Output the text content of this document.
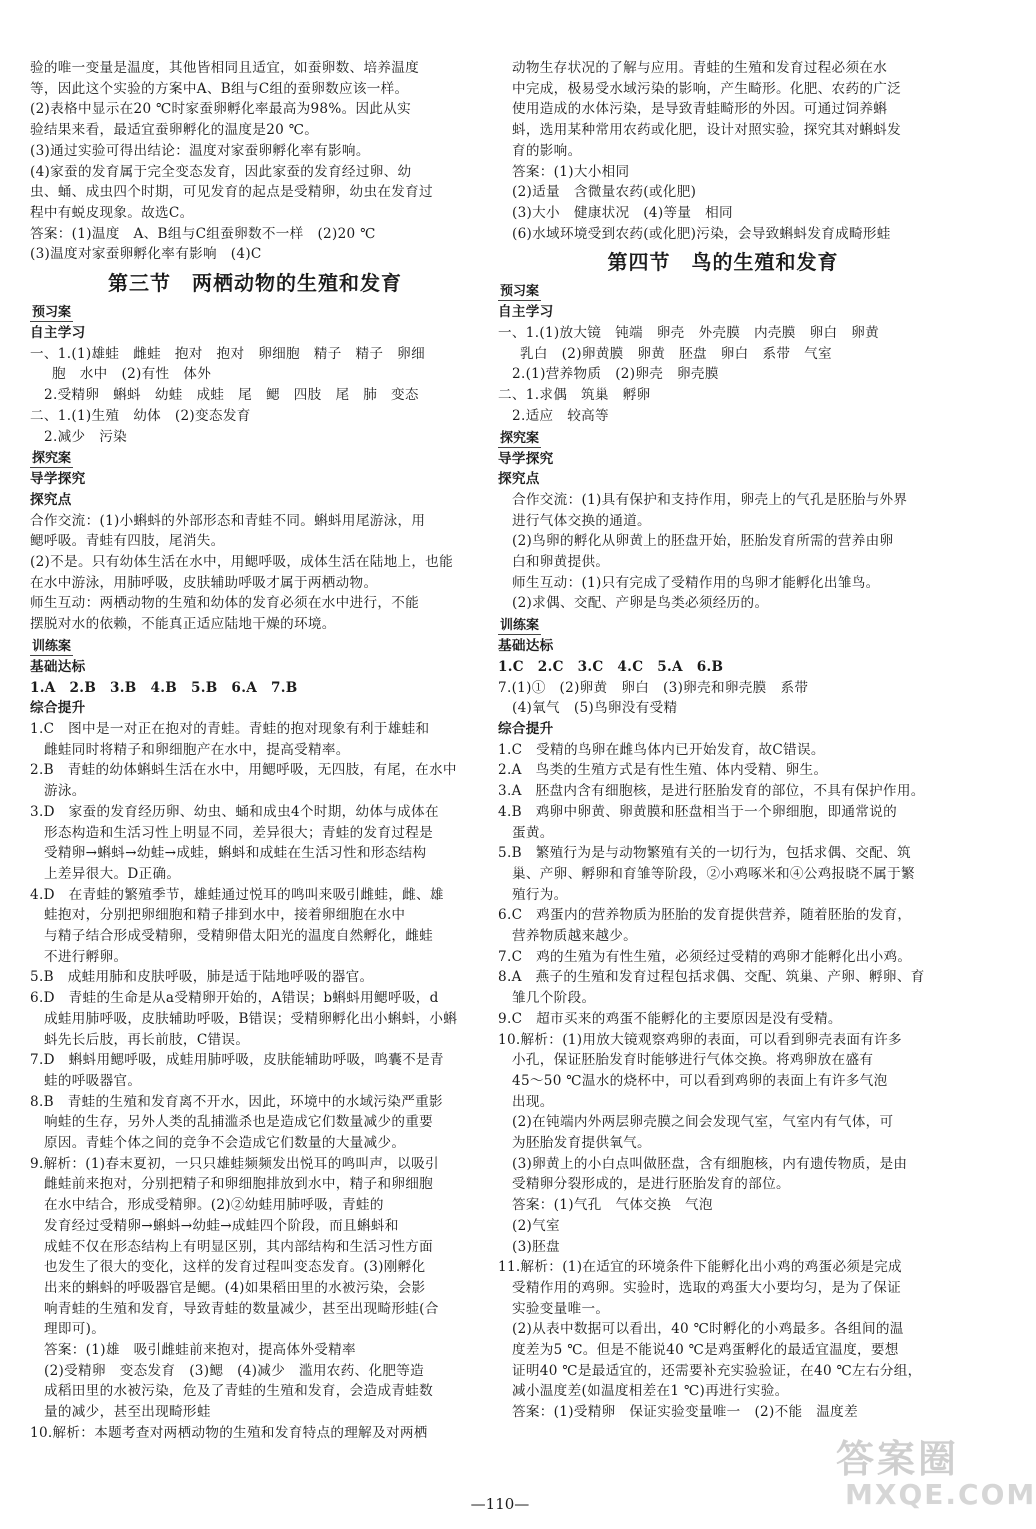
验的唯一变量是温度，其他皆相同且适宜，如蚕卵数、培养温度
等，因此这个实验的方案中A、B组与C组的蚕卵数应该一样。
(2)表格中显示在20 ℃时家蚕卵孵化率最高为98%。因此从实
验结果来看，最适宜蚕卵孵化的温度是20 ℃。
(3)通过实验可得出结论：温度对家蚕卵孵化率有影响。
(4)家蚕的发育属于完全变态发育，因此家蚕的发育经过卵、幼
虫、蛹、成虫四个时期，可见发育的起点是受精卵，幼虫在发育过
程中有蜕皮现象。故选C。
答案：(1)温度　A、B组与C组蚕卵数不一样　(2)20 ℃
(3)温度对家蚕卵孵化率有影响　(4)C
第三节　两栖动物的生殖和发育
预习案
自主学习
一、1.(1)雄蛙　雌蛙　抱对　抱对　卵细胞　精子　精子　卵细
胞　水中　(2)有性　体外
2.受精卵　蝌蚪　幼蛙　成蛙　尾　鳃　四肢　尾　肺　变态
二、1.(1)生殖　幼体　(2)变态发育
2.减少　污染
探究案
导学探究
探究点
合作交流：(1)小蝌蚪的外部形态和青蛙不同。蝌蚪用尾游泳，用
鳃呼吸。青蛙有四肢，尾消失。
(2)不是。只有幼体生活在水中，用鳃呼吸，成体生活在陆地上，也能
在水中游泳，用肺呼吸，皮肤辅助呼吸才属于两栖动物。
师生互动：两栖动物的生殖和幼体的发育必须在水中进行，不能
摆脱对水的依赖，不能真正适应陆地干燥的环境。
训练案
基础达标
1.A　2.B　3.B　4.B　5.B　6.A　7.B
综合提升
1.C　图中是一对正在抱对的青蛙。青蛙的抱对现象有利于雄蛙和
雌蛙同时将精子和卵细胞产在水中，提高受精率。
2.B　青蛙的幼体蝌蚪生活在水中，用鳃呼吸，无四肢，有尾，在水中
游泳。
3.D　家蚕的发育经历卵、幼虫、蛹和成虫4个时期，幼体与成体在
形态构造和生活习性上明显不同，差异很大；青蛙的发育过程是
受精卵→蝌蚪→幼蛙→成蛙，蝌蚪和成蛙在生活习性和形态结构
上差异很大。D正确。
4.D　在青蛙的繁殖季节，雄蛙通过悦耳的鸣叫来吸引雌蛙，雌、雄
蛙抱对，分别把卵细胞和精子排到水中，接着卵细胞在水中
与精子结合形成受精卵，受精卵借太阳光的温度自然孵化，雌蛙
不进行孵卵。
5.B　成蛙用肺和皮肤呼吸，肺是适于陆地呼吸的器官。
6.D　青蛙的生命是从a受精卵开始的，A错误；b蝌蚪用鳃呼吸，d
成蛙用肺呼吸，皮肤辅助呼吸，B错误；受精卵孵化出小蝌蚪，小蝌
蚪先长后肢，再长前肢，C错误。
7.D　蝌蚪用鳃呼吸，成蛙用肺呼吸，皮肤能辅助呼吸，鸣囊不是青
蛙的呼吸器官。
8.B　青蛙的生殖和发育离不开水，因此，环境中的水域污染严重影
响蛙的生存，另外人类的乱捕滥杀也是造成它们数量减少的重要
原因。青蛙个体之间的竞争不会造成它们数量的大量减少。
9.解析：(1)春末夏初，一只只雄蛙频频发出悦耳的鸣叫声，以吸引
雌蛙前来抱对，分别把精子和卵细胞排放到水中，精子和卵细胞
在水中结合，形成受精卵。(2)②幼蛙用肺呼吸，青蛙的
发育经过受精卵→蝌蚪→幼蛙→成蛙四个阶段，而且蝌蚪和
成蛙不仅在形态结构上有明显区别，其内部结构和生活习性方面
也发生了很大的变化，这样的发育过程叫变态发育。(3)刚孵化
出来的蝌蚪的呼吸器官是鳃。(4)如果稻田里的水被污染，会影
响青蛙的生殖和发育，导致青蛙的数量减少，甚至出现畸形蛙(合
理即可)。
答案：(1)雄　吸引雌蛙前来抱对，提高体外受精率
(2)受精卵　变态发育　(3)鳃　(4)减少　滥用农药、化肥等造
成稻田里的水被污染，危及了青蛙的生殖和发育，会造成青蛙数
量的减少，甚至出现畸形蛙
10.解析：本题考查对两栖动物的生殖和发育特点的理解及对两栖
动物生存状况的了解与应用。青蛙的生殖和发育过程必须在水
中完成，极易受水域污染的影响，产生畸形。化肥、农药的广泛
使用造成的水体污染，是导致青蛙畸形的外因。可通过饲养蝌
蚪，选用某种常用农药或化肥，设计对照实验，探究其对蝌蚪发
育的影响。
答案：(1)大小相同
(2)适量　含微量农药(或化肥)
(3)大小　健康状况　(4)等量　相同
(6)水域环境受到农药(或化肥)污染，会导致蝌蚪发育成畸形蛙
第四节　鸟的生殖和发育
预习案
自主学习
一、1.(1)放大镜　钝端　卵壳　外壳膜　内壳膜　卵白　卵黄
乳白　(2)卵黄膜　卵黄　胚盘　卵白　系带　气室
2.(1)营养物质　(2)卵壳　卵壳膜
二、1.求偶　筑巢　孵卵
2.适应　较高等
探究案
导学探究
探究点
合作交流：(1)具有保护和支持作用，卵壳上的气孔是胚胎与外界
进行气体交换的通道。
(2)鸟卵的孵化从卵黄上的胚盘开始，胚胎发育所需的营养由卵
白和卵黄提供。
师生互动：(1)只有完成了受精作用的鸟卵才能孵化出雏鸟。
(2)求偶、交配、产卵是鸟类必须经历的。
训练案
基础达标
1.C　2.C　3.C　4.C　5.A　6.B
7.(1)①　(2)卵黄　卵白　(3)卵壳和卵壳膜　系带
(4)氧气　(5)鸟卵没有受精
综合提升
1.C　受精的鸟卵在雌鸟体内已开始发育，故C错误。
2.A　鸟类的生殖方式是有性生殖、体内受精、卵生。
3.A　胚盘内含有细胞核，是进行胚胎发育的部位，不具有保护作用。
4.B　鸡卵中卵黄、卵黄膜和胚盘相当于一个卵细胞，即通常说的
蛋黄。
5.B　繁殖行为是与动物繁殖有关的一切行为，包括求偶、交配、筑
巢、产卵、孵卵和育雏等阶段，②小鸡啄米和④公鸡报晓不属于繁
殖行为。
6.C　鸡蛋内的营养物质为胚胎的发育提供营养，随着胚胎的发育，
营养物质越来越少。
7.C　鸡的生殖为有性生殖，必须经过受精的鸡卵才能孵化出小鸡。
8.A　燕子的生殖和发育过程包括求偶、交配、筑巢、产卵、孵卵、育
雏几个阶段。
9.C　超市买来的鸡蛋不能孵化的主要原因是没有受精。
10.解析：(1)用放大镜观察鸡卵的表面，可以看到卵壳表面有许多
小孔，保证胚胎发育时能够进行气体交换。将鸡卵放在盛有
45～50 ℃温水的烧杯中，可以看到鸡卵的表面上有许多气泡
出现。
(2)在钝端内外两层卵壳膜之间会发现气室，气室内有气体，可
为胚胎发育提供氧气。
(3)卵黄上的小白点叫做胚盘，含有细胞核，内有遗传物质，是由
受精卵分裂形成的，是进行胚胎发育的部位。
答案：(1)气孔　气体交换　气泡
(2)气室
(3)胚盘
11.解析：(1)在适宜的环境条件下能孵化出小鸡的鸡蛋必须是完成
受精作用的鸡卵。实验时，选取的鸡蛋大小要均匀，是为了保证
实验变量唯一。
(2)从表中数据可以看出，40 ℃时孵化的小鸡最多。各组间的温
度差为5 ℃。但是不能说40 ℃是鸡蛋孵化的最适宜温度，要想
证明40 ℃是最适宜的，还需要补充实验验证，在40 ℃左右分组，
减小温度差(如温度相差在1 ℃)再进行实验。
答案：(1)受精卵　保证实验变量唯一　(2)不能　温度差
—110—
答案圈
MXQE.COM
